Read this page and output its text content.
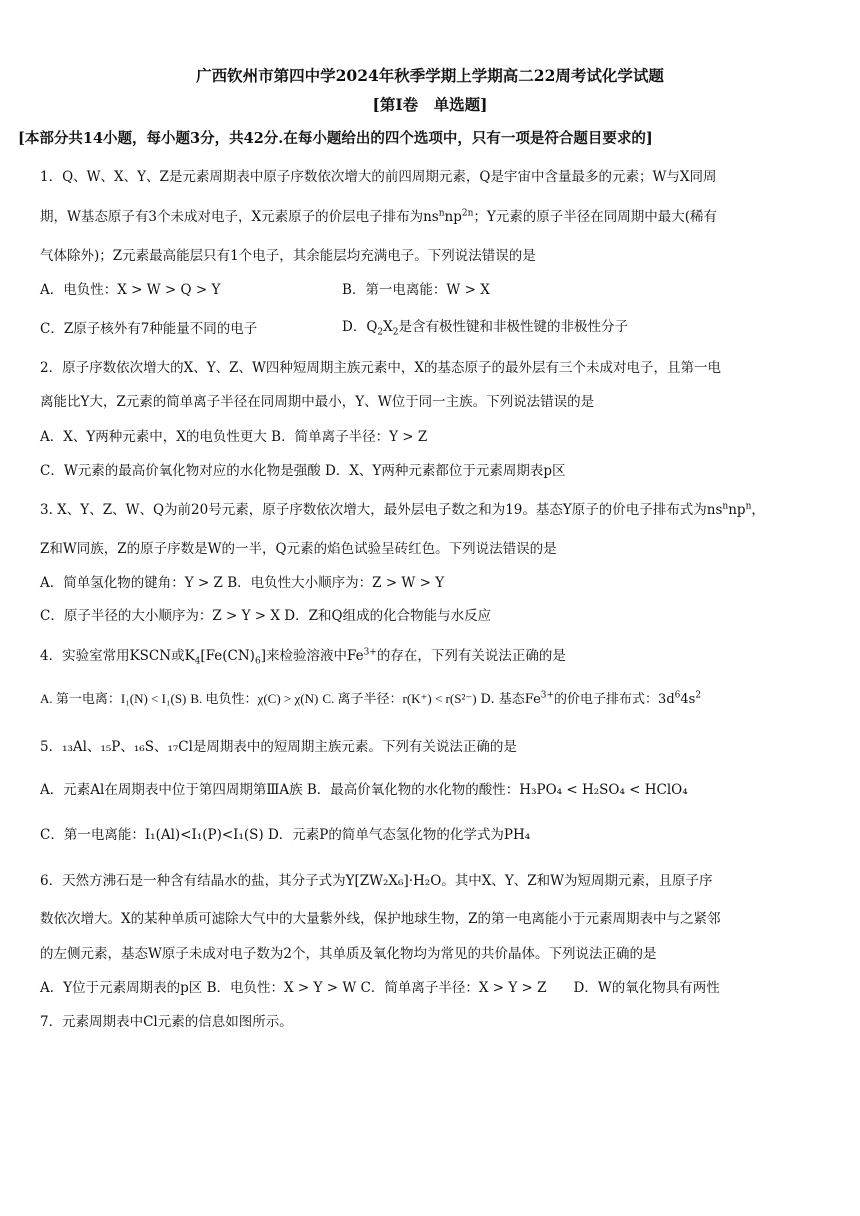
广西钦州市第四中学2024年秋季学期上学期高二22周考试化学试题
[第Ⅰ卷　单选题]
[本部分共14小题，每小题3分，共42分.在每小题给出的四个选项中，只有一项是符合题目要求的]
1．Q、W、X、Y、Z是元素周期表中原子序数依次增大的前四周期元素，Q是宇宙中含量最多的元素；W与X同周
期，W基态原子有3个未成对电子，X元素原子的价层电子排布为$ns^nnp^{2n}$；Y元素的原子半径在同周期中最大(稀有
气体除外)；Z元素最高能层只有1个电子，其余能层均充满电子。下列说法错误的是
A．电负性：X > W > Q > Y	B．第一电离能：W > X
C．Z原子核外有7种能量不同的电子	D．$Q_2X_2$是含有极性键和非极性键的非极性分子
2．原子序数依次增大的X、Y、Z、W四种短周期主族元素中，X的基态原子的最外层有三个未成对电子，且第一电
离能比Y大，Z元素的简单离子半径在同周期中最小，Y、W位于同一主族。下列说法错误的是
A．X、Y两种元素中，X的电负性更大 B．简单离子半径：Y > Z
C．W元素的最高价氧化物对应的水化物是强酸 D．X、Y两种元素都位于元素周期表p区
3. X、Y、Z、W、Q为前20号元素，原子序数依次增大，最外层电子数之和为19。基态Y原子的价电子排布式为$ns^nnp^n$，
Z和W同族，Z的原子序数是W的一半，Q元素的焰色试验呈砖红色。下列说法错误的是
A．简单氢化物的键角：Y > Z B．电负性大小顺序为：Z > W > Y
C．原子半径的大小顺序为：Z > Y > X D．Z和Q组成的化合物能与水反应
4．实验室常用KSCN或$K_4[Fe(CN)_6]$来检验溶液中$Fe^{3+}$的存在，下列有关说法正确的是
A. 第一电离：I₁(N) < I₁(S) B. 电负性：χ(C) > χ(N) C. 离子半径：r(K⁺) < r(S²⁻) D. 基态$Fe^{3+}$的价电子排布式：$3d^64s^2$
5．₁₃Al、₁₅P、₁₆S、₁₇Cl是周期表中的短周期主族元素。下列有关说法正确的是
A．元素Al在周期表中位于第四周期第ⅢA族 B．最高价氧化物的水化物的酸性：H₃PO₄ < H₂SO₄ < HClO₄
C．第一电离能：I₁(Al)<I₁(P)<I₁(S) D．元素P的简单气态氢化物的化学式为PH₄
6．天然方沸石是一种含有结晶水的盐，其分子式为Y[ZW₂X₆]·H₂O。其中X、Y、Z和W为短周期元素，且原子序
数依次增大。X的某种单质可滤除大气中的大量紫外线，保护地球生物，Z的第一电离能小于元素周期表中与之紧邻
的左侧元素，基态W原子未成对电子数为2个，其单质及氧化物均为常见的共价晶体。下列说法正确的是
A．Y位于元素周期表的p区 B．电负性：X > Y > W C．简单离子半径：X > Y > Z　　D．W的氧化物具有两性
7．元素周期表中Cl元素的信息如图所示。
